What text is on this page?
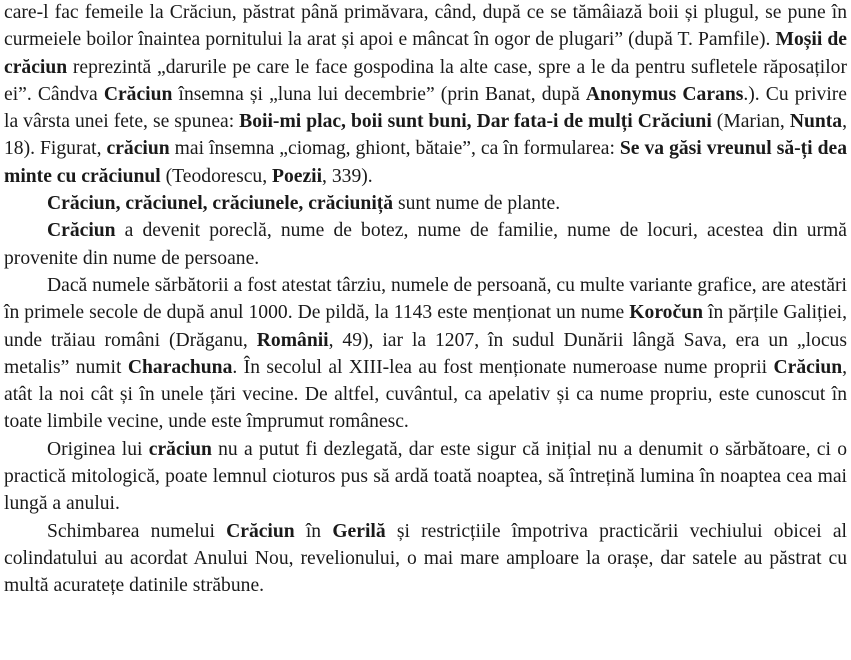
care-l fac femeile la Crăciun, păstrat până primăvara, când, după ce se tămâiază boii și plugul, se pune în curmeiele boilor înaintea pornitului la arat și apoi e mâncat în ogor de plugari” (după T. Pamfile). Moșii de crăciun reprezintă „darurile pe care le face gospodina la alte case, spre a le da pentru sufletele răposaților ei”. Cândva Crăciun însemna și „luna lui decembrie” (prin Banat, după Anonymus Carans.). Cu privire la vârsta unei fete, se spunea: Boii-mi plac, boii sunt buni, Dar fata-i de mulți Crăciuni (Marian, Nunta, 18). Figurat, crăciun mai însemna „ciomag, ghiont, bătaie”, ca în formularea: Se va găsi vreunul să-ți dea minte cu crăciunul (Teodorescu, Poezii, 339).

Crăciun, crăciunel, crăciunele, crăciuniță sunt nume de plante.

Crăciun a devenit poreclă, nume de botez, nume de familie, nume de locuri, acestea din urmă provenite din nume de persoane.

Dacă numele sărbătorii a fost atestat târziu, numele de persoană, cu multe variante grafice, are atestări în primele secole de după anul 1000. De pildă, la 1143 este menționat un nume Koročun în părțile Galiției, unde trăiau români (Drăganu, Românii, 49), iar la 1207, în sudul Dunării lângă Sava, era un „locus metalis” numit Charachuna. În secolul al XIII-lea au fost menționate numeroase nume proprii Crăciun, atât la noi cât și în unele țări vecine. De altfel, cuvântul, ca apelativ și ca nume propriu, este cunoscut în toate limbile vecine, unde este împrumut românesc.

Originea lui crăciun nu a putut fi dezlegată, dar este sigur că inițial nu a denumit o sărbătoare, ci o practică mitologică, poate lemnul cioturos pus să ardă toată noaptea, să întrețină lumina în noaptea cea mai lungă a anului.

Schimbarea numelui Crăciun în Gerilă și restricțiile împotriva practicării vechiului obicei al colindatului au acordat Anului Nou, revelionului, o mai mare amploare la orașe, dar satele au păstrat cu multă acuratețe datinile străbune.
